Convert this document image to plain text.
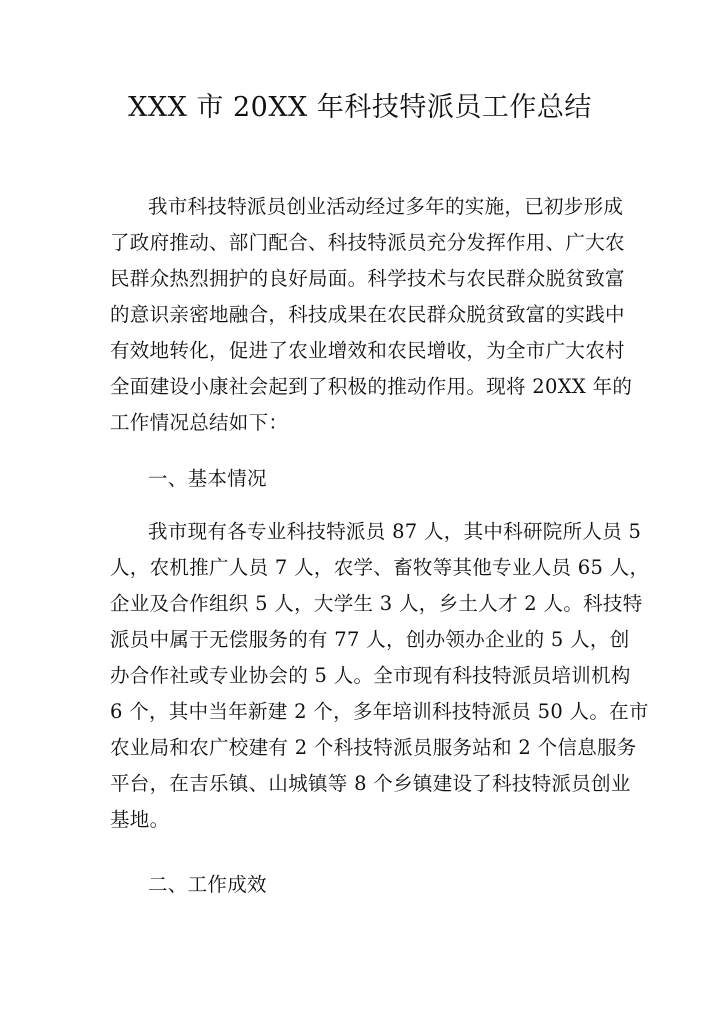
XXX 市 20XX 年科技特派员工作总结
我市科技特派员创业活动经过多年的实施，已初步形成
了政府推动、部门配合、科技特派员充分发挥作用、广大农
民群众热烈拥护的良好局面。科学技术与农民群众脱贫致富
的意识亲密地融合，科技成果在农民群众脱贫致富的实践中
有效地转化，促进了农业增效和农民增收，为全市广大农村
全面建设小康社会起到了积极的推动作用。现将 20XX 年的
工作情况总结如下：
一、基本情况
我市现有各专业科技特派员 87 人，其中科研院所人员 5
人，农机推广人员 7 人，农学、畜牧等其他专业人员 65 人，
企业及合作组织 5 人，大学生 3 人，乡土人才 2 人。科技特
派员中属于无偿服务的有 77 人，创办领办企业的 5 人，创
办合作社或专业协会的 5 人。全市现有科技特派员培训机构
6 个，其中当年新建 2 个，多年培训科技特派员 50 人。在市
农业局和农广校建有 2 个科技特派员服务站和 2 个信息服务
平台，在吉乐镇、山城镇等 8 个乡镇建设了科技特派员创业
基地。
二、工作成效
